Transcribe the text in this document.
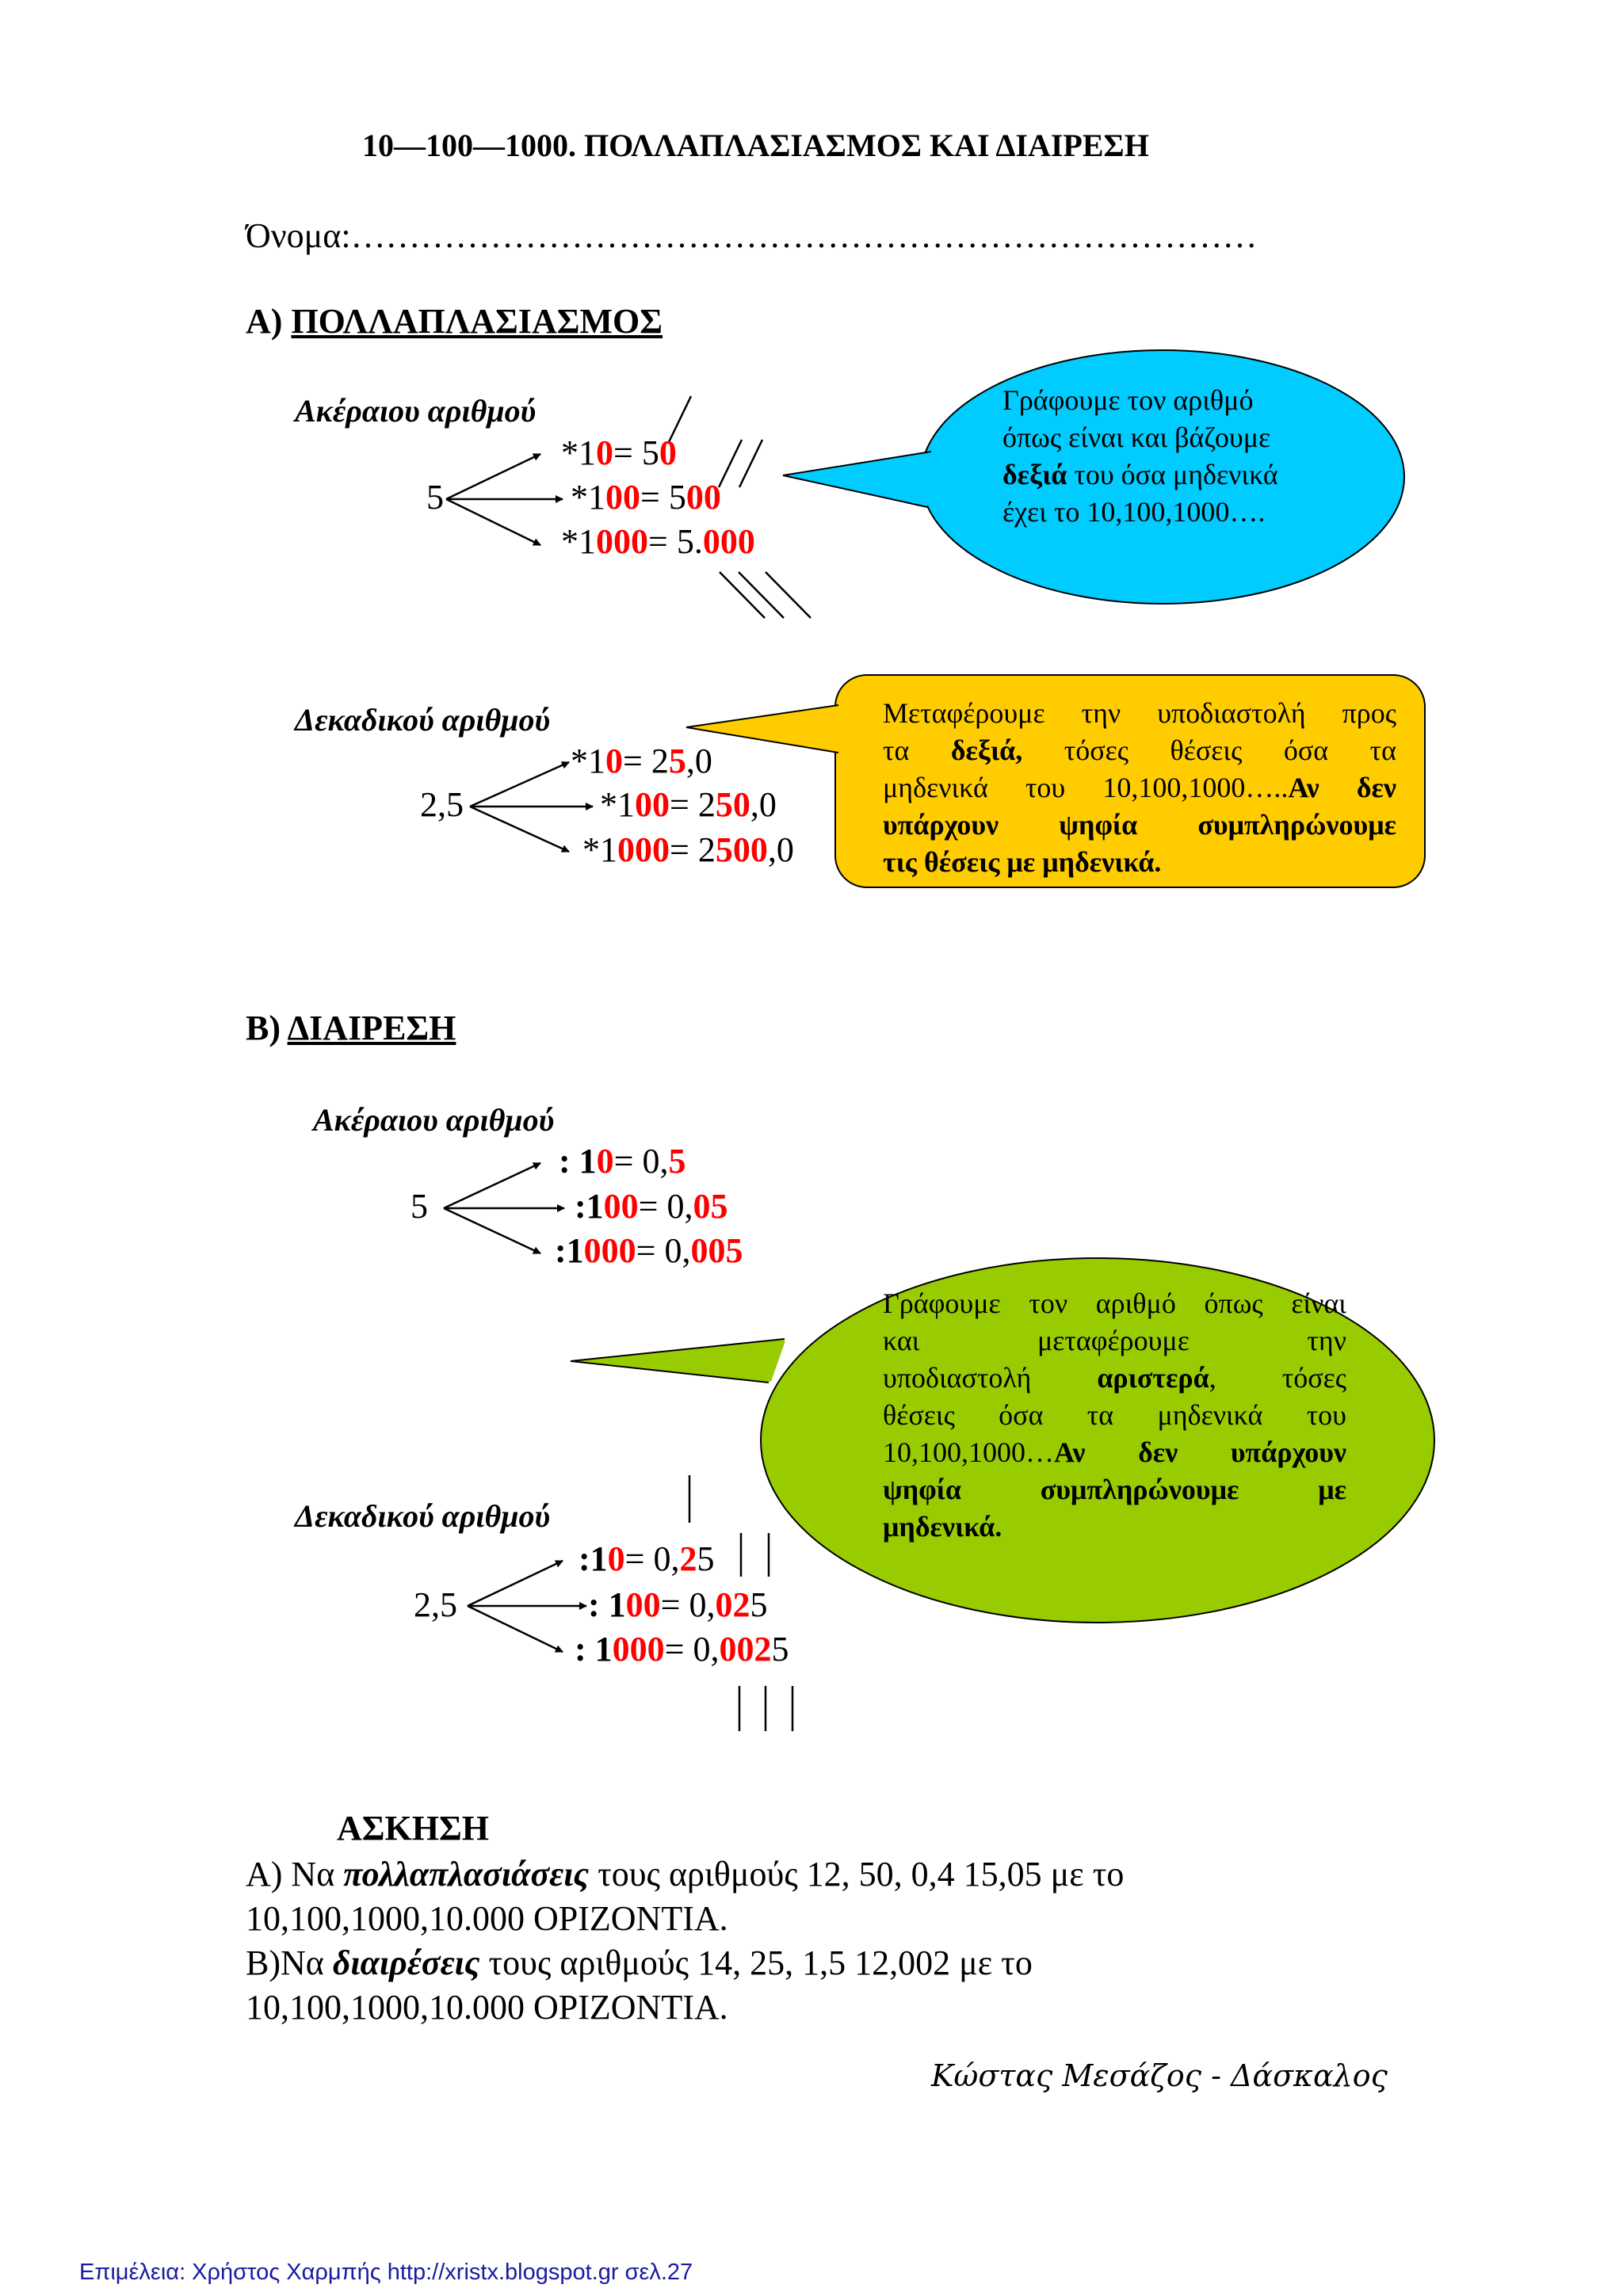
10—100—1000. ΠΟΛΛΑΠΛΑΣΙΑΣΜΟΣ ΚΑΙ ΔΙΑΙΡΕΣΗ
Όνομα:……………………………………………………………………
Α) ΠΟΛΛΑΠΛΑΣΙΑΣΜΟΣ
Ακέραιου αριθμού
5
*10= 50
*100= 500
*1000= 5.000
Γράφουμε τον αριθμό
όπως είναι και βάζουμε
δεξιά του όσα μηδενικά
έχει το 10,100,1000….
Δεκαδικού αριθμού
2,5
*10= 25,0
*100= 250,0
*1000= 2500,0
Μεταφέρουμε την υποδιαστολή προς
τα δεξιά, τόσες θέσεις όσα τα
μηδενικά του 10,100,1000…..Αν δεν
υπάρχουν ψηφία συμπληρώνουμε
τις θέσεις με μηδενικά.
Β) ΔΙΑΙΡΕΣΗ
Ακέραιου αριθμού
5
: 10= 0,5
:100= 0,05
:1000= 0,005
Γράφουμε τον αριθμό όπως είναι
και μεταφέρουμε την
υποδιαστολή αριστερά, τόσες
θέσεις όσα τα μηδενικά του
10,100,1000…Αν δεν υπάρχουν
ψηφία συμπληρώνουμε με
μηδενικά.
Δεκαδικού αριθμού
2,5
:10= 0,25
: 100= 0,025
: 1000= 0,0025
ΑΣΚΗΣΗ
Α) Να πολλαπλασιάσεις τους αριθμούς 12, 50, 0,4 15,05 με το
10,100,1000,10.000 ΟΡΙΖΟΝΤΙΑ.
Β)Να διαιρέσεις τους αριθμούς 14, 25, 1,5 12,002 με το
10,100,1000,10.000 ΟΡΙΖΟΝΤΙΑ.
Κώστας Μεσάζος - Δάσκαλος
Επιμέλεια: Χρήστος Χαρμπής http://xristx.blogspot.gr σελ.27
